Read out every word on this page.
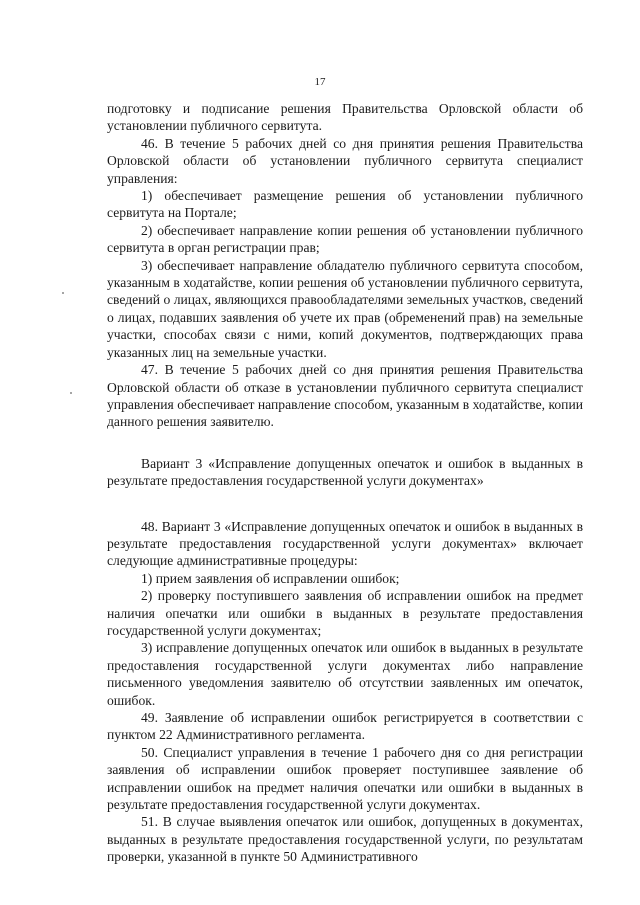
17

подготовку и подписание решения Правительства Орловской области об установлении публичного сервитута.

46. В течение 5 рабочих дней со дня принятия решения Правительства Орловской области об установлении публичного сервитута специалист управления:

1) обеспечивает размещение решения об установлении публичного сервитута на Портале;

2) обеспечивает направление копии решения об установлении публичного сервитута в орган регистрации прав;

3) обеспечивает направление обладателю публичного сервитута способом, указанным в ходатайстве, копии решения об установлении публичного сервитута, сведений о лицах, являющихся правообладателями земельных участков, сведений о лицах, подавших заявления об учете их прав (обременений прав) на земельные участки, способах связи с ними, копий документов, подтверждающих права указанных лиц на земельные участки.

47. В течение 5 рабочих дней со дня принятия решения Правительства Орловской области об отказе в установлении публичного сервитута специалист управления обеспечивает направление способом, указанным в ходатайстве, копии данного решения заявителю.

Вариант 3 «Исправление допущенных опечаток и ошибок в выданных в результате предоставления государственной услуги документах»

48. Вариант 3 «Исправление допущенных опечаток и ошибок в выданных в результате предоставления государственной услуги документах» включает следующие административные процедуры:

1) прием заявления об исправлении ошибок;

2) проверку поступившего заявления об исправлении ошибок на предмет наличия опечатки или ошибки в выданных в результате предоставления государственной услуги документах;

3) исправление допущенных опечаток или ошибок в выданных в результате предоставления государственной услуги документах либо направление письменного уведомления заявителю об отсутствии заявленных им опечаток, ошибок.

49. Заявление об исправлении ошибок регистрируется в соответствии с пунктом 22 Административного регламента.

50. Специалист управления в течение 1 рабочего дня со дня регистрации заявления об исправлении ошибок проверяет поступившее заявление об исправлении ошибок на предмет наличия опечатки или ошибки в выданных в результате предоставления государственной услуги документах.

51. В случае выявления опечаток или ошибок, допущенных в документах, выданных в результате предоставления государственной услуги, по результатам проверки, указанной в пункте 50 Административного
